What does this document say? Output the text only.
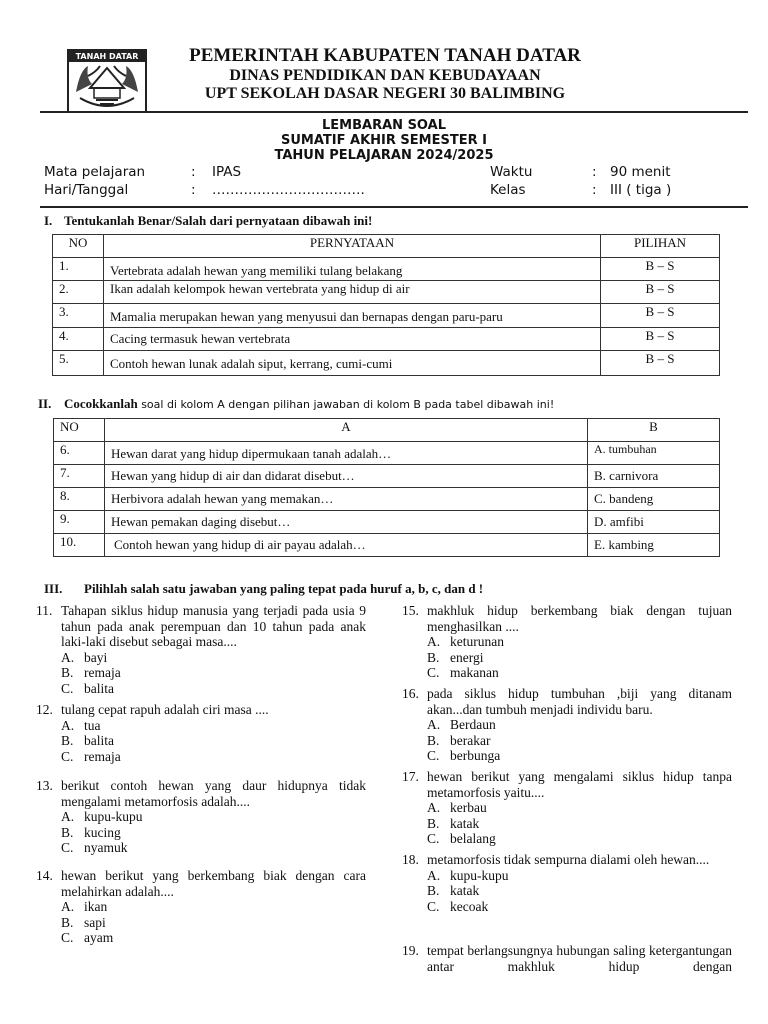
TANAH DATAR	PEMERINTAH KABUPATEN TANAH DATAR
DINAS PENDIDIKAN DAN KEBUDAYAAN
UPT SEKOLAH DASAR NEGERI 30 BALIMBING
LEMBARAN SOAL
SUMATIF AKHIR SEMESTER I
TAHUN PELAJARAN 2024/2025
Mata pelajaran	: IPAS	Waktu	: 90 menit
Hari/Tanggal	: …………………………….	Kelas	: III ( tiga )
I. Tentukanlah Benar/Salah dari pernyataan dibawah ini!
NO	PERNYATAAN	PILIHAN
1.	Vertebrata adalah hewan yang memiliki tulang belakang	B – S
2.	Ikan adalah kelompok hewan vertebrata yang hidup di air	B – S
3.	Mamalia merupakan hewan yang menyusui dan bernapas dengan paru-paru	B – S
4.	Cacing termasuk hewan vertebrata	B – S
5.	Contoh hewan lunak adalah siput, kerrang, cumi-cumi	B – S
II. Cocokkanlah soal di kolom A dengan pilihan jawaban di kolom B pada tabel dibawah ini!
NO	A	B
6.	Hewan darat yang hidup dipermukaan tanah adalah…	A. tumbuhan
7.	Hewan yang hidup di air dan didarat disebut…	B. carnivora
8.	Herbivora adalah hewan yang memakan…	C. bandeng
9.	Hewan pemakan daging disebut…	D. amfibi
10.	Contoh hewan yang hidup di air payau adalah…	E. kambing
III. Pilihlah salah satu jawaban yang paling tepat pada huruf a, b, c, dan d !
11. Tahapan siklus hidup manusia yang terjadi pada usia 9 tahun pada anak perempuan dan 10 tahun pada anak laki-laki disebut sebagai masa....
A. bayi
B. remaja
C. balita
12. tulang cepat rapuh adalah ciri masa ....
A. tua
B. balita
C. remaja
13. berikut contoh hewan yang daur hidupnya tidak mengalami metamorfosis adalah....
A. kupu-kupu
B. kucing
C. nyamuk
14. hewan berikut yang berkembang biak dengan cara melahirkan adalah....
A. ikan
B. sapi
C. ayam
15. makhluk hidup berkembang biak dengan tujuan menghasilkan ....
A. keturunan
B. energi
C. makanan
16. pada siklus hidup tumbuhan ,biji yang ditanam akan...dan tumbuh menjadi individu baru.
A. Berdaun
B. berakar
C. berbunga
17. hewan berikut yang mengalami siklus hidup tanpa metamorfosis yaitu....
A. kerbau
B. katak
C. belalang
18. metamorfosis tidak sempurna dialami oleh hewan....
A. kupu-kupu
B. katak
C. kecoak
19. tempat berlangsungnya hubungan saling ketergantungan antar makhluk hidup dengan
